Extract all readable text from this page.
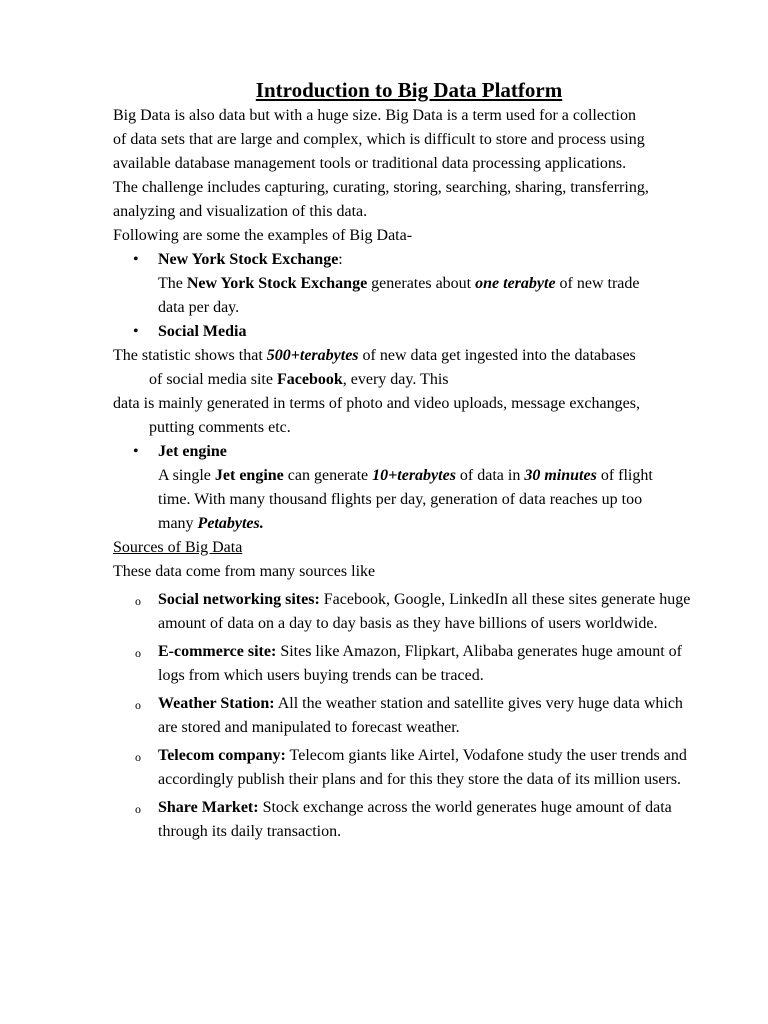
Introduction to Big Data Platform

Big Data is also data but with a huge size. Big Data is a term used for a collection

of data sets that are large and complex, which is difficult to store and process using

available database management tools or traditional data processing applications.

The challenge includes capturing, curating, storing, searching, sharing, transferring,

analyzing and visualization of this data.

Following are some the examples of Big Data-

• New York Stock Exchange:
The New York Stock Exchange generates about one terabyte of new trade
data per day.
• Social Media

The statistic shows that 500+terabytes of new data get ingested into the databases

of social media site Facebook, every day. This

data is mainly generated in terms of photo and video uploads, message exchanges,

putting comments etc.

• Jet engine
A single Jet engine can generate 10+terabytes of data in 30 minutes of flight
time. With many thousand flights per day, generation of data reaches up too
many Petabytes.

Sources of Big Data

These data come from many sources like

o Social networking sites: Facebook, Google, LinkedIn all these sites generate huge amount of data on a day to day basis as they have billions of users worldwide.
o E-commerce site: Sites like Amazon, Flipkart, Alibaba generates huge amount of logs from which users buying trends can be traced.
o Weather Station: All the weather station and satellite gives very huge data which are stored and manipulated to forecast weather.
o Telecom company: Telecom giants like Airtel, Vodafone study the user trends and accordingly publish their plans and for this they store the data of its million users.
o Share Market: Stock exchange across the world generates huge amount of data through its daily transaction.
